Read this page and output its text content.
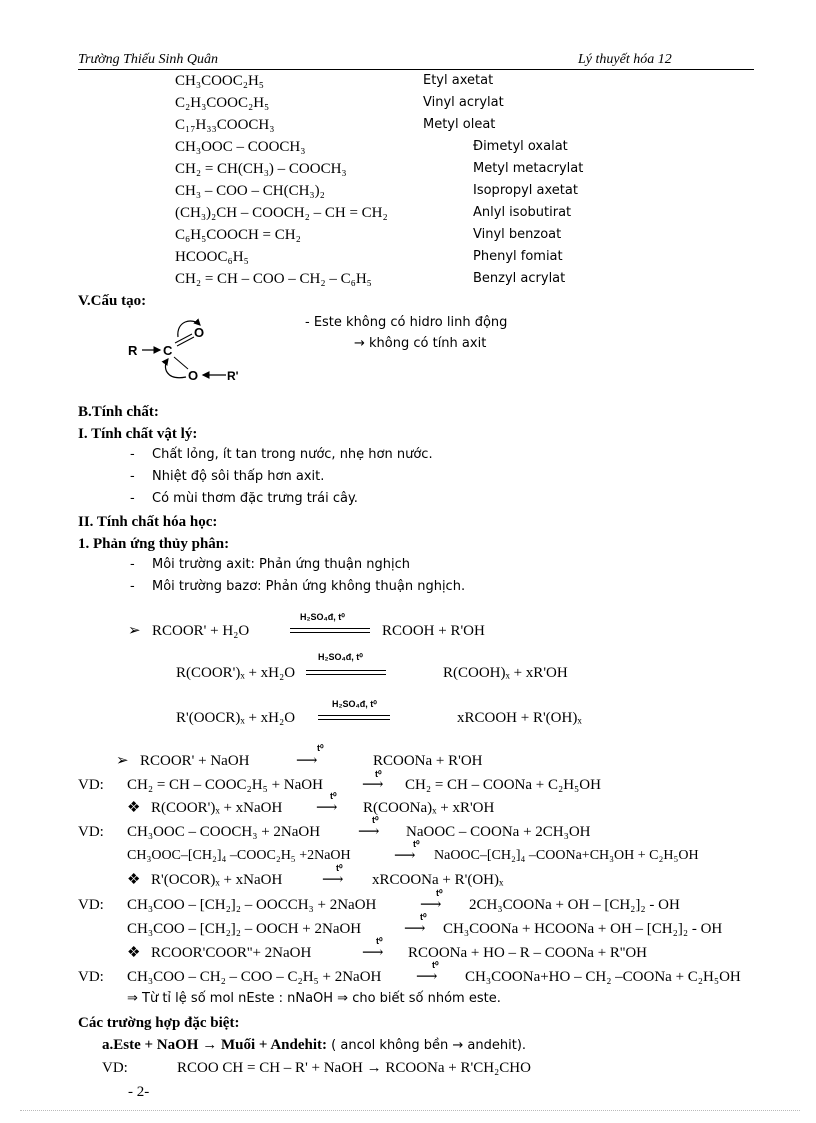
Trường Thiếu Sinh Quân	Lý thuyết hóa 12
CH₃COOC₂H₅	Etyl axetat
C₂H₃COOC₂H₅	Vinyl acrylat
C₁₇H₃₃COOCH₃	Metyl oleat
CH₃OOC – COOCH₃	Đimetyl oxalat
CH₂ = CH(CH₃) – COOCH₃	Metyl metacrylat
CH₃ – COO – CH(CH₃)₂	Isopropyl axetat
(CH₃)₂CH – COOCH₂ – CH = CH₂	Anlyl isobutirat
C₆H₅COOCH = CH₂	Vinyl benzoat
HCOOC₆H₅	Phenyl fomiat
CH₂ = CH – COO – CH₂ – C₆H₅	Benzyl acrylat
V.Cấu tạo:
R C
O
O R'
- Este không có hidro linh động
→ không có tính axit
B.Tính chất:
I. Tính chất vật lý:
- Chất lỏng, ít tan trong nước, nhẹ hơn nước.
- Nhiệt độ sôi thấp hơn axit.
- Có mùi thơm đặc trưng trái cây.
II. Tính chất hóa học:
1. Phản ứng thủy phân:
- Môi trường axit: Phản ứng thuận nghịch
- Môi trường bazơ: Phản ứng không thuận nghịch.
➢ RCOOR' + H₂O
H₂SO₄đ, t⁰
RCOOH + R'OH
R(COOR')ₓ + xH₂O
H₂SO₄đ, t⁰
R(COOH)ₓ + xR'OH
R'(OOCR)ₓ + xH₂O
H₂SO₄đ, t⁰
xRCOOH + R'(OH)ₓ
➢ RCOOR' + NaOH
t⁰
⟶	RCOONa + R'OH
VD: CH₂ = CH – COOC₂H₅ + NaOH
t⁰
⟶ CH₂ = CH – COONa + C₂H₅OH
❖ R(COOR')ₓ + xNaOH
t⁰
⟶ R(COONa)ₓ + xR'OH
VD: CH₃OOC – COOCH₃ + 2NaOH
t⁰
⟶ NaOOC – COONa + 2CH₃OH
CH₃OOC–[CH₂]₄ –COOC₂H₅ +2NaOH
t⁰
⟶ NaOOC–[CH₂]₄ –COONa+CH₃OH + C₂H₅OH
❖ R'(OCOR)ₓ + xNaOH
t⁰
⟶ xRCOONa + R'(OH)ₓ
VD: CH₃COO – [CH₂]₂ – OOCCH₃ + 2NaOH
t⁰
⟶ 2CH₃COONa + OH – [CH₂]₂ - OH
CH₃COO – [CH₂]₂ – OOCH + 2NaOH
t⁰
⟶ CH₃COONa + HCOONa + OH – [CH₂]₂ - OH
❖ RCOOR'COOR''+ 2NaOH
t⁰
⟶ RCOONa + HO – R – COONa + R''OH
VD: CH₃COO – CH₂ – COO – C₂H₅ + 2NaOH
t⁰
⟶ CH₃COONa+HO – CH₂ –COONa + C₂H₅OH
⇒ Từ tỉ lệ số mol nEste : nNaOH ⇒ cho biết số nhóm este.
Các trường hợp đặc biệt:
a.Este + NaOH → Muối + Andehit: ( ancol không bền → andehit).
VD:	RCOO CH = CH – R' + NaOH → RCOONa + R'CH₂CHO
- 2-
